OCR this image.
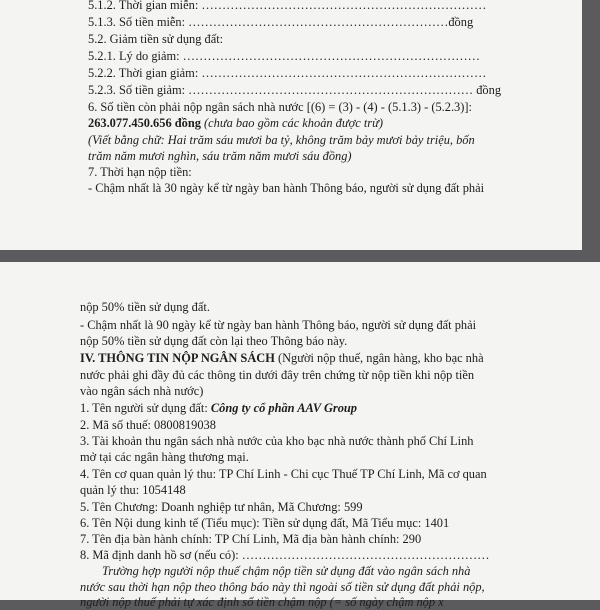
5.1.2. Thời gian miễn: ……………………………………………………………
5.1.3. Số tiền miễn: ………………………………………………………đồng
5.2. Giảm tiền sử dụng đất:
5.2.1. Lý do giảm: ………………………………………………………………
5.2.2. Thời gian giảm: ……………………………………………………………
5.2.3. Số tiền giảm: …………………………………………………………… đồng
6. Số tiền còn phải nộp ngân sách nhà nước [(6) = (3) - (4) - (5.1.3) - (5.2.3)]:
263.077.450.656 đồng (chưa bao gồm các khoản được trừ)
(Viết bằng chữ: Hai trăm sáu mươi ba tỷ, không trăm bảy mươi bảy triệu, bốn
trăm năm mươi nghìn, sáu trăm năm mươi sáu đồng)
7. Thời hạn nộp tiền:
- Chậm nhất là 30 ngày kể từ ngày ban hành Thông báo, người sử dụng đất phải
nộp 50% tiền sử dụng đất.
- Chậm nhất là 90 ngày kể từ ngày ban hành Thông báo, người sử dụng đất phải
nộp 50% tiền sử dụng đất còn lại theo Thông báo này.
IV. THÔNG TIN NỘP NGÂN SÁCH (Người nộp thuế, ngân hàng, kho bạc nhà
nước phải ghi đầy đủ các thông tin dưới đây trên chứng từ nộp tiền khi nộp tiền
vào ngân sách nhà nước)
1. Tên người sử dụng đất: Công ty cổ phần AAV Group
2. Mã số thuế: 0800819038
3. Tài khoản thu ngân sách nhà nước của kho bạc nhà nước thành phố Chí Linh
mở tại các ngân hàng thương mại.
4. Tên cơ quan quản lý thu: TP Chí Linh - Chi cục Thuế TP Chí Linh, Mã cơ quan
quản lý thu: 1054148
5. Tên Chương: Doanh nghiệp tư nhân, Mã Chương: 599
6. Tên Nội dung kinh tế (Tiểu mục): Tiền sử dụng đất, Mã Tiểu mục: 1401
7. Tên địa bàn hành chính: TP Chí Linh, Mã địa bàn hành chính: 290
8. Mã định danh hồ sơ (nếu có): ……………………………………………………
Trường hợp người nộp thuế chậm nộp tiền sử dụng đất vào ngân sách nhà
nước sau thời hạn nộp theo thông báo này thì ngoài số tiền sử dụng đất phải nộp,
người nộp thuế phải tự xác định số tiền chậm nộp (= số ngày chậm nộp x
